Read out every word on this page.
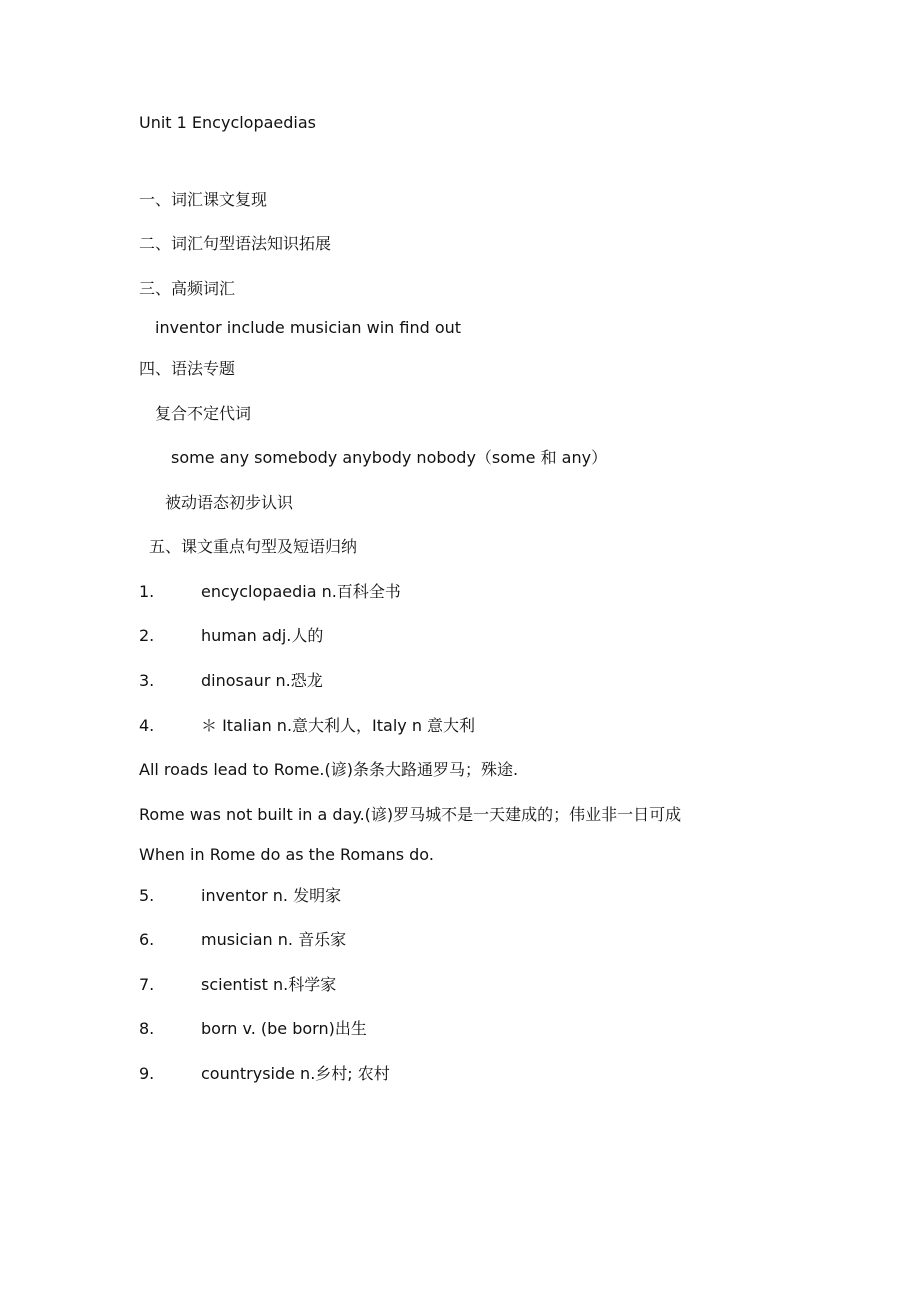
Unit 1 Encyclopaedias
一、词汇课文复现
二、词汇句型语法知识拓展
三、高频词汇
inventor include musician win find out
四、语法专题
复合不定代词
some any somebody anybody nobody（some 和 any）
被动语态初步认识
五、课文重点句型及短语归纳
1.	encyclopaedia n.百科全书
2.	human adj.人的
3.	dinosaur n.恐龙
4.	＊ Italian n.意大利人，Italy n 意大利
All roads lead to Rome.(谚)条条大路通罗马；殊途.
Rome was not built in a day.(谚)罗马城不是一天建成的；伟业非一日可成
When in Rome do as the Romans do.
5.	inventor n. 发明家
6.	musician n. 音乐家
7.	scientist n.科学家
8.	born v. (be born)出生
9.	countryside n.乡村; 农村
